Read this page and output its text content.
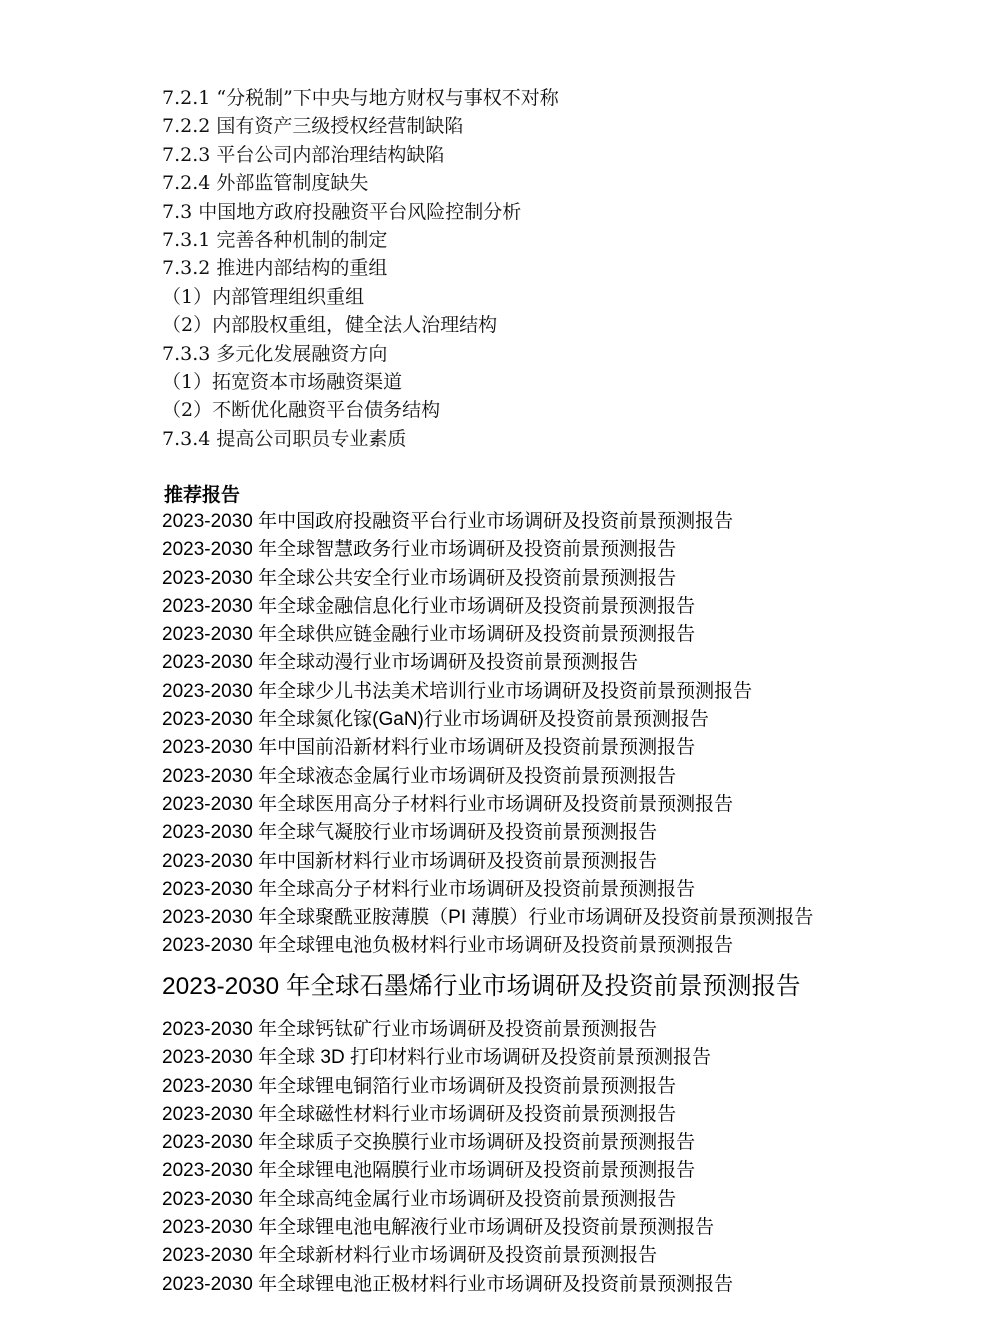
7.2.1 “分税制”下中央与地方财权与事权不对称
7.2.2 国有资产三级授权经营制缺陷
7.2.3 平台公司内部治理结构缺陷
7.2.4 外部监管制度缺失
7.3 中国地方政府投融资平台风险控制分析
7.3.1 完善各种机制的制定
7.3.2 推进内部结构的重组
（1）内部管理组织重组
（2）内部股权重组，健全法人治理结构
7.3.3 多元化发展融资方向
（1）拓宽资本市场融资渠道
（2）不断优化融资平台债务结构
7.3.4 提高公司职员专业素质
推荐报告
2023-2030 年中国政府投融资平台行业市场调研及投资前景预测报告
2023-2030 年全球智慧政务行业市场调研及投资前景预测报告
2023-2030 年全球公共安全行业市场调研及投资前景预测报告
2023-2030 年全球金融信息化行业市场调研及投资前景预测报告
2023-2030 年全球供应链金融行业市场调研及投资前景预测报告
2023-2030 年全球动漫行业市场调研及投资前景预测报告
2023-2030 年全球少儿书法美术培训行业市场调研及投资前景预测报告
2023-2030 年全球氮化镓(GaN)行业市场调研及投资前景预测报告
2023-2030 年中国前沿新材料行业市场调研及投资前景预测报告
2023-2030 年全球液态金属行业市场调研及投资前景预测报告
2023-2030 年全球医用高分子材料行业市场调研及投资前景预测报告
2023-2030 年全球气凝胶行业市场调研及投资前景预测报告
2023-2030 年中国新材料行业市场调研及投资前景预测报告
2023-2030 年全球高分子材料行业市场调研及投资前景预测报告
2023-2030 年全球聚酰亚胺薄膜（PI 薄膜）行业市场调研及投资前景预测报告
2023-2030 年全球锂电池负极材料行业市场调研及投资前景预测报告
2023-2030 年全球石墨烯行业市场调研及投资前景预测报告
2023-2030 年全球钙钛矿行业市场调研及投资前景预测报告
2023-2030 年全球 3D 打印材料行业市场调研及投资前景预测报告
2023-2030 年全球锂电铜箔行业市场调研及投资前景预测报告
2023-2030 年全球磁性材料行业市场调研及投资前景预测报告
2023-2030 年全球质子交换膜行业市场调研及投资前景预测报告
2023-2030 年全球锂电池隔膜行业市场调研及投资前景预测报告
2023-2030 年全球高纯金属行业市场调研及投资前景预测报告
2023-2030 年全球锂电池电解液行业市场调研及投资前景预测报告
2023-2030 年全球新材料行业市场调研及投资前景预测报告
2023-2030 年全球锂电池正极材料行业市场调研及投资前景预测报告
